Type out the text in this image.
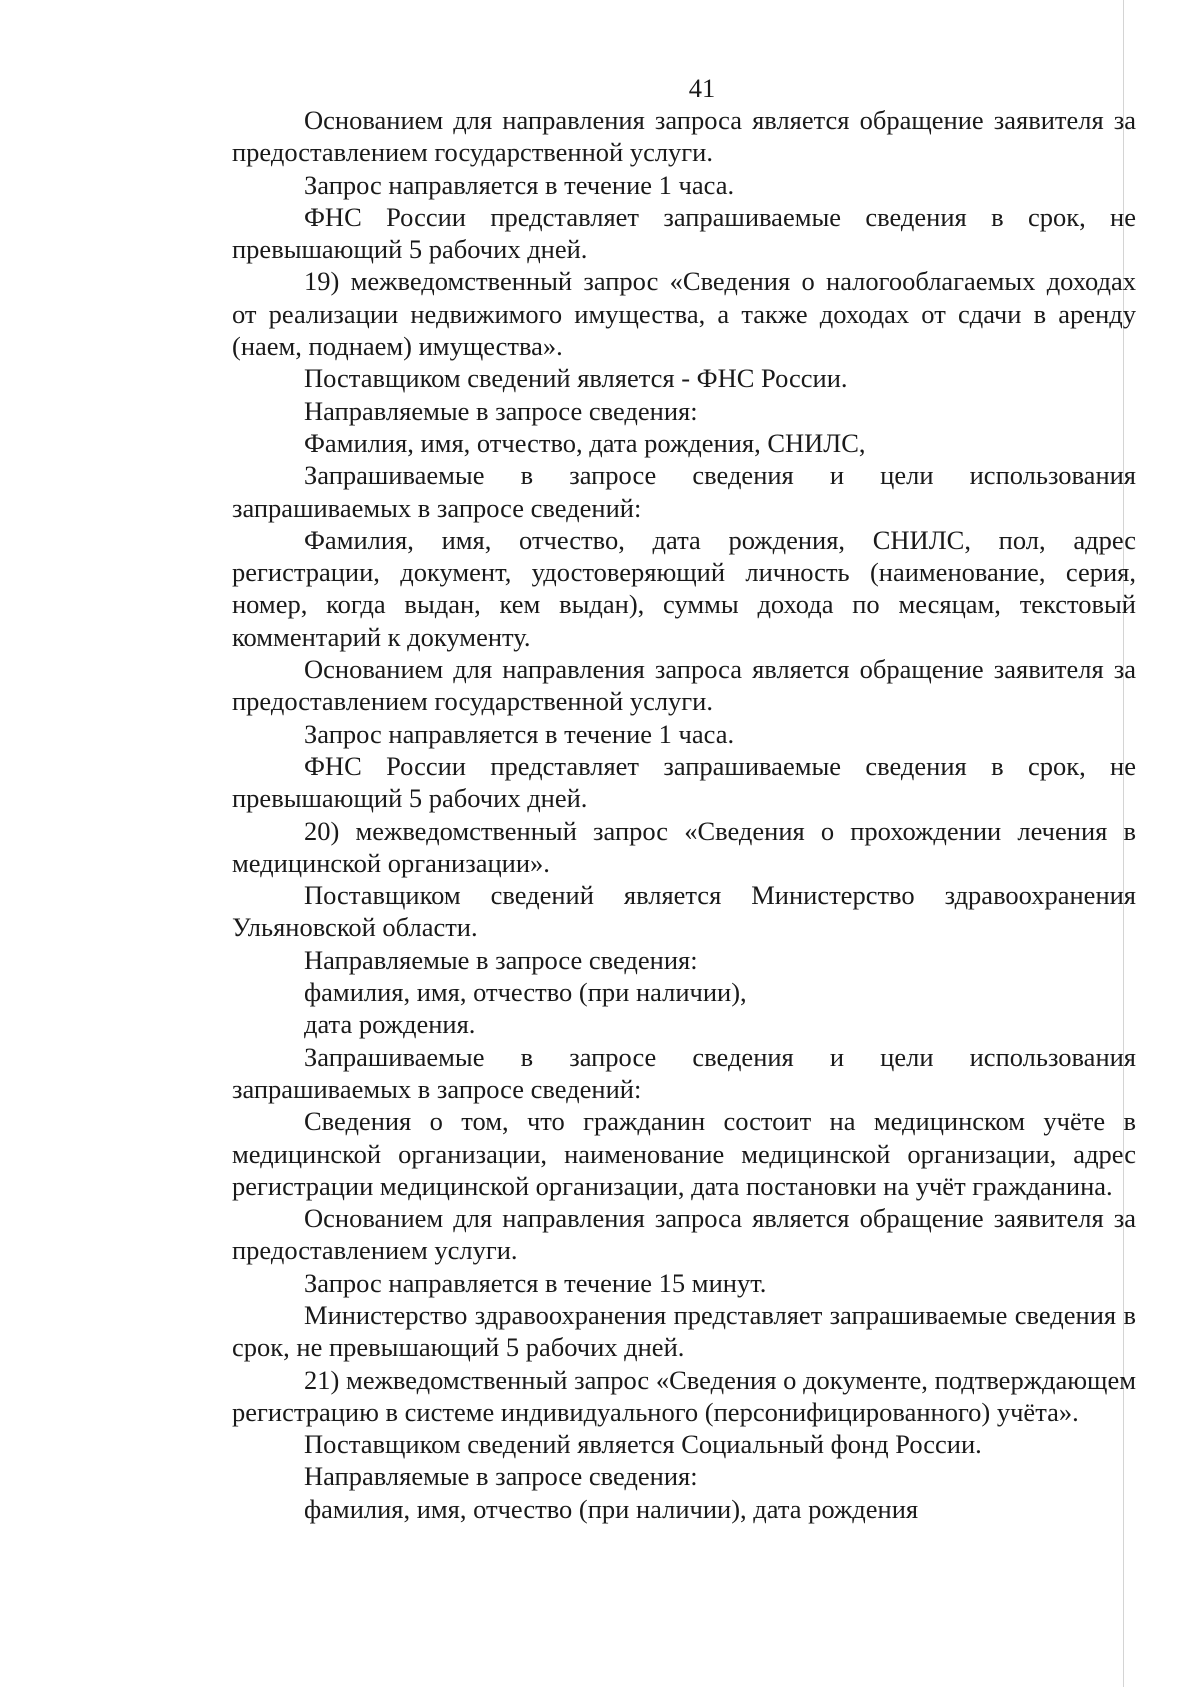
41

Основанием для направления запроса является обращение заявителя за предоставлением государственной услуги.

Запрос направляется в течение 1 часа.

ФНС России представляет запрашиваемые сведения в срок, не превышающий 5 рабочих дней.

19) межведомственный запрос «Сведения о налогооблагаемых доходах от реализации недвижимого имущества, а также доходах от сдачи в аренду (наем, поднаем) имущества».

Поставщиком сведений является - ФНС России.

Направляемые в запросе сведения:

Фамилия, имя, отчество, дата рождения, СНИЛС,

Запрашиваемые в запросе сведения и цели использования запрашиваемых в запросе сведений:

Фамилия, имя, отчество, дата рождения, СНИЛС, пол, адрес регистрации, документ, удостоверяющий личность (наименование, серия, номер, когда выдан, кем выдан), суммы дохода по месяцам, текстовый комментарий к документу.

Основанием для направления запроса является обращение заявителя за предоставлением государственной услуги.

Запрос направляется в течение 1 часа.

ФНС России представляет запрашиваемые сведения в срок, не превышающий 5 рабочих дней.

20) межведомственный запрос «Сведения о прохождении лечения в медицинской организации».

Поставщиком сведений является Министерство здравоохранения Ульяновской области.

Направляемые в запросе сведения:

фамилия, имя, отчество (при наличии),

дата рождения.

Запрашиваемые в запросе сведения и цели использования запрашиваемых в запросе сведений:

Сведения о том, что гражданин состоит на медицинском учёте в медицинской организации, наименование медицинской организации, адрес регистрации медицинской организации, дата постановки на учёт гражданина.

Основанием для направления запроса является обращение заявителя за предоставлением услуги.

Запрос направляется в течение 15 минут.

Министерство здравоохранения представляет запрашиваемые сведения в срок, не превышающий 5 рабочих дней.

21) межведомственный запрос «Сведения о документе, подтверждающем регистрацию в системе индивидуального (персонифицированного) учёта».

Поставщиком сведений является Социальный фонд России.

Направляемые в запросе сведения:

фамилия, имя, отчество (при наличии), дата рождения
